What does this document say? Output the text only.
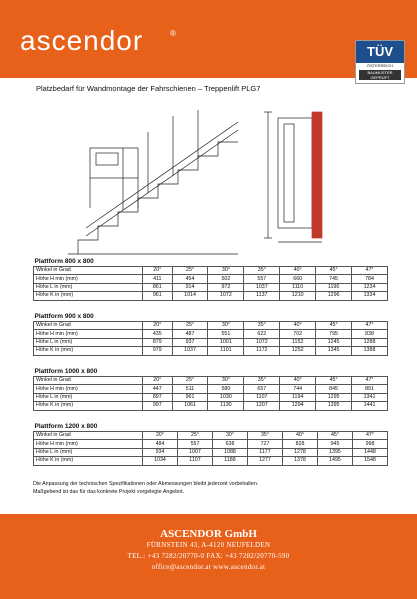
ascendor	®
TÜV
ÖSTERREICH
BAUMUSTER
GEPRÜFT
Platzbedarf für Wandmontage der Fahrschienen – Treppenlift PLG7
Plattform 800 x 800							
Winkel in Grad	20°	25°	30°	35°	40°	45°	47°
Höhe H min (mm)	411	454	502	557	660	745	784
Höhe L in (mm)	861	914	972	1037	1110	1196	1234
Höhe K in (mm)	961	1014	1072	1137	1210	1296	1334
Plattform 900 x 800							
Winkel in Grad	20°	25°	30°	35°	40°	45°	47°
Höhe H min (mm)	435	487	551	622	702	795	838
Höhe L in (mm)	879	937	1001	1072	1152	1245	1288
Höhe K in (mm)	979	1037	1101	1172	1252	1345	1388
Plattform 1000 x 800							
Winkel in Grad	20°	25°	30°	35°	40°	45°	47°
Höhe H min (mm)	447	511	580	657	744	845	891
Höhe L in (mm)	897	961	1030	1107	1194	1295	1341
Höhe K in (mm)	997	1061	1130	1207	1294	1395	1441
Plattform 1200 x 800							
Winkel in Grad	20°	25°	30°	35°	40°	45°	47°
Höhe H min (mm)	484	557	638	727	828	945	998
Höhe L in (mm)	934	1007	1088	1177	1278	1395	1448
Höhe K in (mm)	1034	1107	1188	1277	1378	1495	1548
Die Anpassung der technischen Spezifikationen oder Abmessungen bleibt jederzeit vorbehalten.
Maßgebend ist das für das konkrete Projekt vorgelegte Angebot.
ASCENDOR GmbH
FÜRNSTEIN 43, A-4120 NEUFELDEN
TEL.: +43 7282/20770-0 FAX: +43 7282/20770-590
office@ascendor.at www.ascendor.at
